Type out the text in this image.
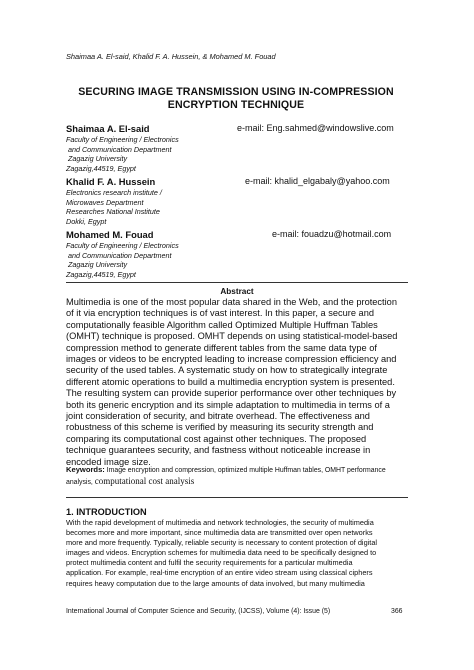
Shaimaa A. El-said, Khalid F. A. Hussein, & Mohamed M. Fouad
SECURING IMAGE TRANSMISSION USING IN-COMPRESSION
ENCRYPTION TECHNIQUE
Shaimaa A. El-said	e-mail: Eng.sahmed@windowslive.com
Faculty of Engineering / Electronics
and Communication Department
Zagazig University
Zagazig,44519, Egypt
Khalid F. A. Hussein	e-mail: khalid_elgabaly@yahoo.com
Electronics research institute /
Microwaves Department
Researches National Institute
Dokki, Egypt
Mohamed M. Fouad	e-mail: fouadzu@hotmail.com
Faculty of Engineering / Electronics
and Communication Department
Zagazig University
Zagazig,44519, Egypt
Abstract
Multimedia is one of the most popular data shared in the Web, and the protection
of it via encryption techniques is of vast interest. In this paper, a secure and
computationally feasible Algorithm called Optimized Multiple Huffman Tables
(OMHT) technique is proposed. OMHT depends on using statistical-model-based
compression method to generate different tables from the same data type of
images or videos to be encrypted leading to increase compression efficiency and
security of the used tables. A systematic study on how to strategically integrate
different atomic operations to build a multimedia encryption system is presented.
The resulting system can provide superior performance over other techniques by
both its generic encryption and its simple adaptation to multimedia in terms of a
joint consideration of security, and bitrate overhead. The effectiveness and
robustness of this scheme is verified by measuring its security strength and
comparing its computational cost against other techniques. The proposed
technique guarantees security, and fastness without noticeable increase in
encoded image size.
Keywords: Image encryption and compression, optimized multiple Huffman tables, OMHT performance
analysis, computational cost analysis
1. INTRODUCTION
With the rapid development of multimedia and network technologies, the security of multimedia
becomes more and more important, since multimedia data are transmitted over open networks
more and more frequently. Typically, reliable security is necessary to content protection of digital
images and videos. Encryption schemes for multimedia data need to be specifically designed to
protect multimedia content and fulfil the security requirements for a particular multimedia
application. For example, real-time encryption of an entire video stream using classical ciphers
requires heavy computation due to the large amounts of data involved, but many multimedia
International Journal of Computer Science and Security, (IJCSS), Volume (4): Issue (5)	366
